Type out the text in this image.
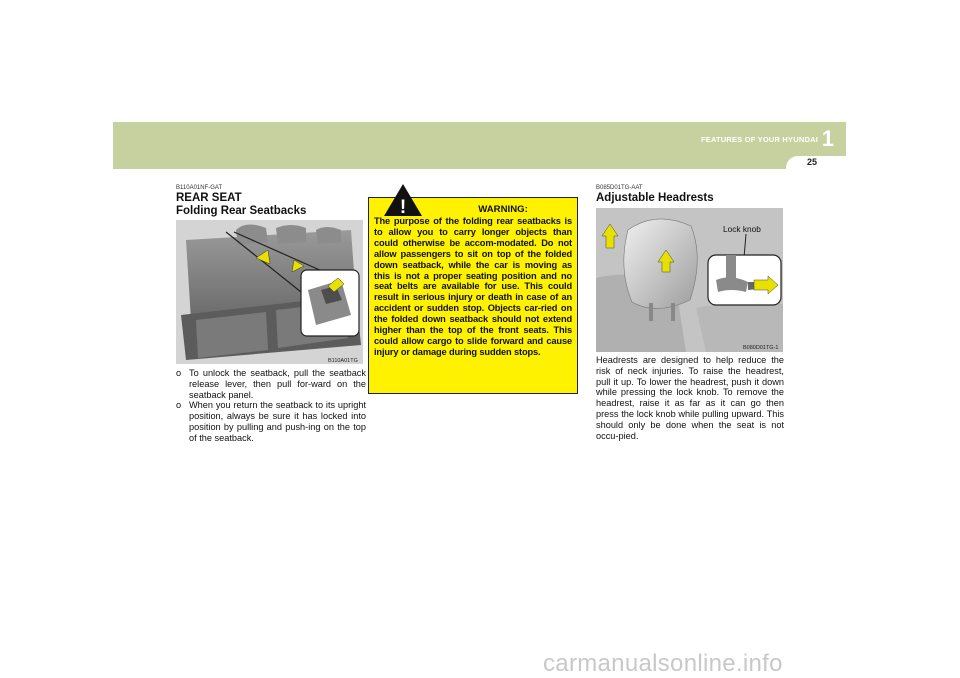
FEATURES OF YOUR HYUNDAI 1
25
B110A01NF-GAT
REAR SEAT
Folding Rear Seatbacks
B110A01TG
o To unlock the seatback, pull the seatback release lever, then pull for-ward on the seatback panel.
o When you return the seatback to its upright position, always be sure it has locked into position by pulling and push-ing on the top of the seatback.
WARNING:
The purpose of the folding rear seatbacks is to allow you to carry longer objects than could otherwise be accom-modated. Do not allow passengers to sit on top of the folded down seatback, while the car is moving as this is not a proper seating position and no seat belts are available for use. This could result in serious injury or death in case of an accident or sudden stop. Objects car-ried on the folded down seatback should not extend higher than the top of the front seats. This could allow cargo to slide forward and cause injury or damage during sudden stops.
!
B085D01TG-AAT
Adjustable Headrests
Lock knob
B080D01TG-1
Headrests are designed to help reduce the risk of neck injuries. To raise the headrest, pull it up. To lower the headrest, push it down while pressing the lock knob. To remove the headrest, raise it as far as it can go then press the lock knob while pulling upward. This should only be done when the seat is not occu-pied.
carmanualsonline.info
